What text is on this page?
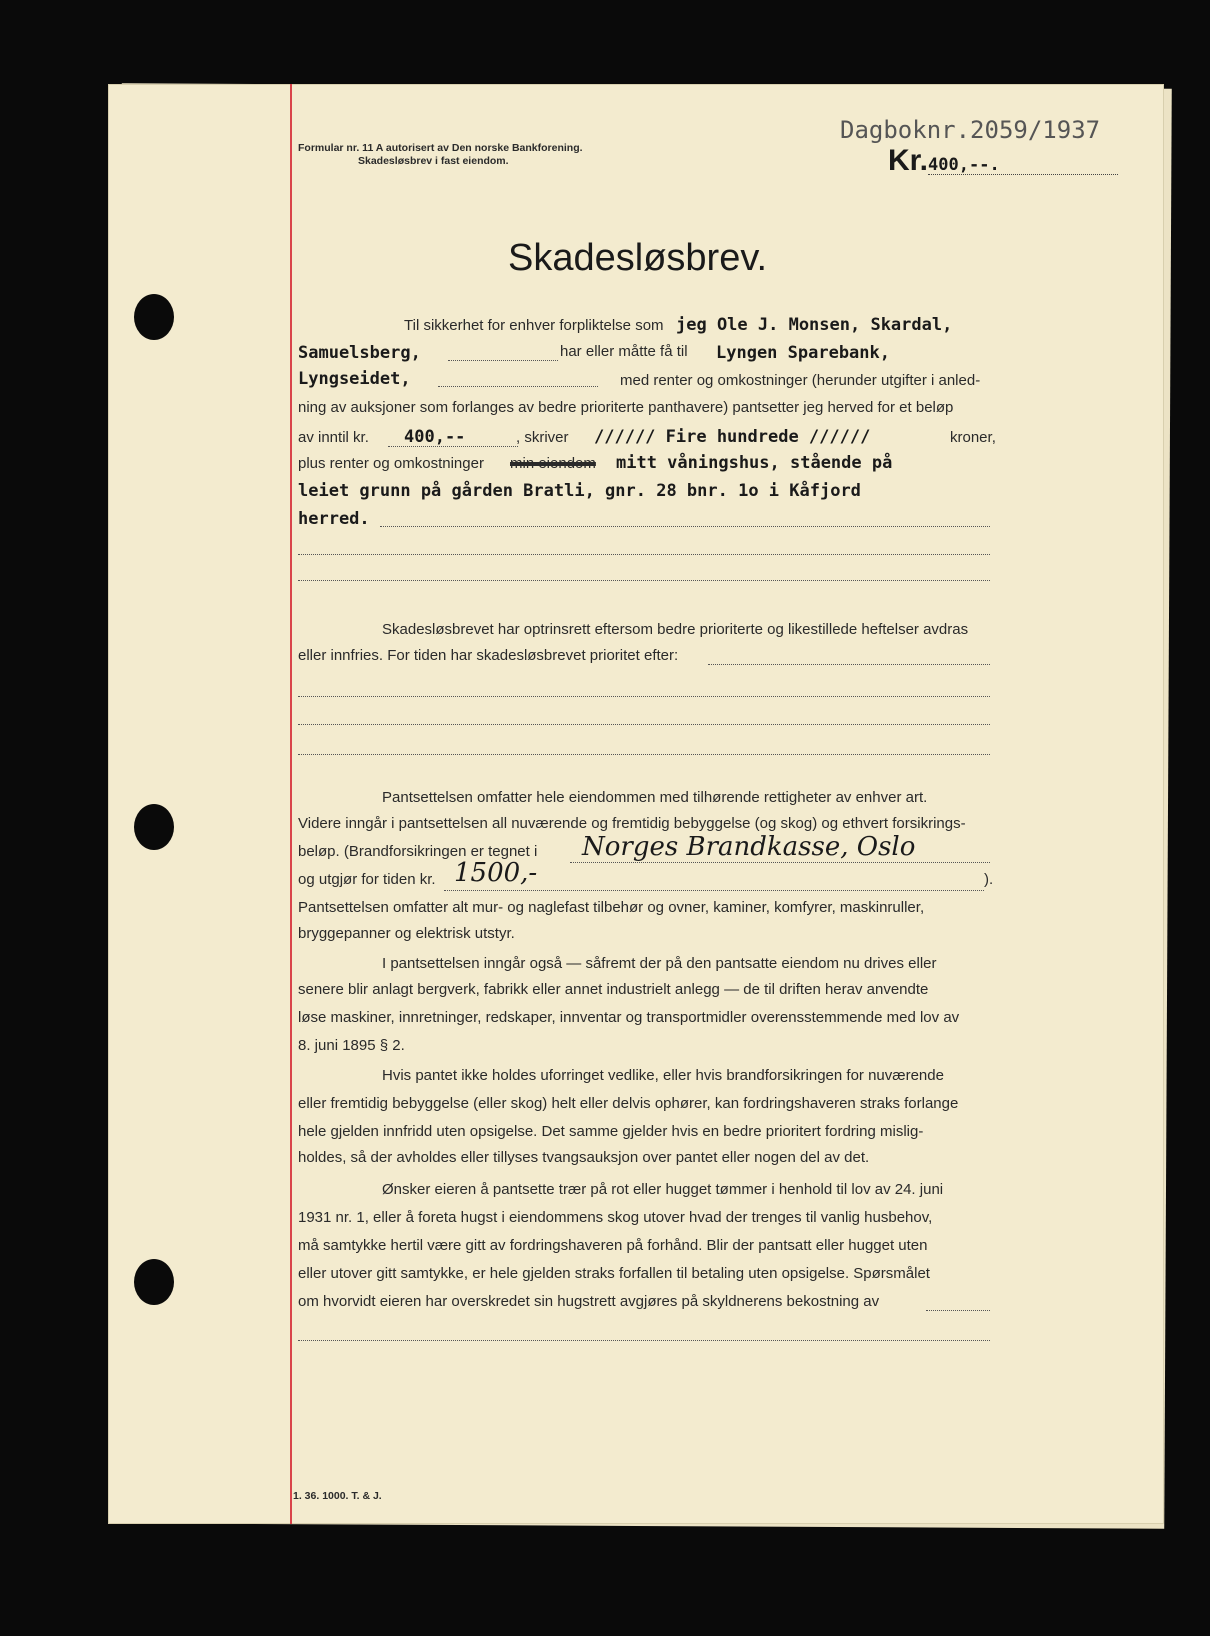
Formular nr. 11 A autorisert av Den norske Bankforening.
Skadesløsbrev i fast eiendom.
Dagboknr.2059/1937
Kr.400,--.
Skadesløsbrev.
Til sikkerhet for enhver forpliktelse som jeg Ole J. Monsen, Skardal,
Samuelsberg,	har eller måtte få til Lyngen Sparebank,
Lyngseidet,	med renter og omkostninger (herunder utgifter i anled-
ning av auksjoner som forlanges av bedre prioriterte panthavere) pantsetter jeg herved for et beløp
av inntil kr. 400,--	, skriver ////// Fire hundrede //////	kroner,
plus renter og omkostninger min eiendom mitt våningshus, stående på
leiet grunn på gården Bratli, gnr. 28 bnr. 1o i Kåfjord
herred.
Skadesløsbrevet har optrinsrett eftersom bedre prioriterte og likestillede heftelser avdras
eller innfries. For tiden har skadesløsbrevet prioritet efter:
Pantsettelsen omfatter hele eiendommen med tilhørende rettigheter av enhver art.
Videre inngår i pantsettelsen all nuværende og fremtidig bebyggelse (og skog) og ethvert forsikrings-
beløp. (Brandforsikringen er tegnet i Norges Brandkasse, Oslo
og utgjør for tiden kr. 1500,-	).
Pantsettelsen omfatter alt mur- og naglefast tilbehør og ovner, kaminer, komfyrer, maskinruller,
bryggepanner og elektrisk utstyr.
I pantsettelsen inngår også — såfremt der på den pantsatte eiendom nu drives eller
senere blir anlagt bergverk, fabrikk eller annet industrielt anlegg — de til driften herav anvendte
løse maskiner, innretninger, redskaper, innventar og transportmidler overensstemmende med lov av
8. juni 1895 § 2.
Hvis pantet ikke holdes uforringet vedlike, eller hvis brandforsikringen for nuværende
eller fremtidig bebyggelse (eller skog) helt eller delvis ophører, kan fordringshaveren straks forlange
hele gjelden innfridd uten opsigelse. Det samme gjelder hvis en bedre prioritert fordring mislig-
holdes, så der avholdes eller tillyses tvangsauksjon over pantet eller nogen del av det.
Ønsker eieren å pantsette trær på rot eller hugget tømmer i henhold til lov av 24. juni
1931 nr. 1, eller å foreta hugst i eiendommens skog utover hvad der trenges til vanlig husbehov,
må samtykke hertil være gitt av fordringshaveren på forhånd. Blir der pantsatt eller hugget uten
eller utover gitt samtykke, er hele gjelden straks forfallen til betaling uten opsigelse. Spørsmålet
om hvorvidt eieren har overskredet sin hugstrett avgjøres på skyldnerens bekostning av
1. 36. 1000. T. & J.
